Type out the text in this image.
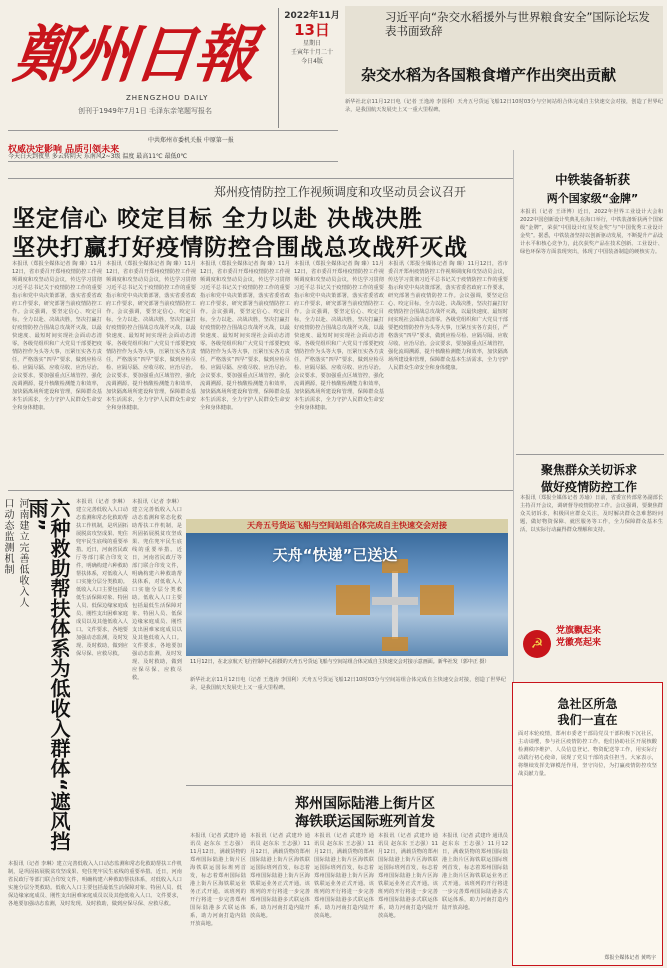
鄭州日報
ZHENGZHOU DAILY
创刊于1949年7月1日 毛泽东亲笔题写报名
2022年11月
13日
星期日
壬寅年十月二十
今日4版
习近平向“杂交水稻援外与世界粮食安全”国际论坛发表书面致辞
杂交水稻为各国粮食增产作出突出贡献
权威决定影响 品质引领未来
中共郑州市委机关报 中原第一报
今天白天到夜里 多云转阴天 东南风2~3级 温度 最高11℃ 最低0℃
新华社北京11月12日电（记者 王逸涛 李国利）天舟五号货运飞船12日10时03分与空间站组合体完成自主快速交会对接，创造了世界纪录，是我国航天发展史上又一重大里程碑。
郑州疫情防控工作视频调度和攻坚动员会议召开
坚定信心 咬定目标 全力以赴 决战决胜
坚决打赢打好疫情防控合围战总攻战歼灭战
本报讯（郑报全媒体记者 陶 臻）11月12日，省市委召开郑州疫情防控工作视频调度和攻坚动员会议，传达学习贯彻习近平总书记关于疫情防控工作的重要指示和党中央决策部署，落实省委省政府工作要求，研究部署当前疫情防控工作。会议强调，要坚定信心、咬定目标，全力以赴、决战决胜，坚决打赢打好疫情防控合围战总攻战歼灭战，以最快速度、最短时间实现社会面动态清零。各级党组织和广大党员干部要把疫情防控作为头等大事，压紧压实各方责任，严格落实“四早”要求，做到应检尽检、应隔尽隔、应收尽收、应治尽治。会议要求，要加强重点区域管控，强化流调溯源，提升核酸检测能力和效率，加快隔离场所建设和管理，保障群众基本生活需求，全力守护人民群众生命安全和身体健康。
本报讯（郑报全媒体记者 陶 臻）11月12日，省市委召开郑州疫情防控工作视频调度和攻坚动员会议，传达学习贯彻习近平总书记关于疫情防控工作的重要指示和党中央决策部署，落实省委省政府工作要求，研究部署当前疫情防控工作。会议强调，要坚定信心、咬定目标，全力以赴、决战决胜，坚决打赢打好疫情防控合围战总攻战歼灭战，以最快速度、最短时间实现社会面动态清零。各级党组织和广大党员干部要把疫情防控作为头等大事，压紧压实各方责任，严格落实“四早”要求，做到应检尽检、应隔尽隔、应收尽收、应治尽治。会议要求，要加强重点区域管控，强化流调溯源，提升核酸检测能力和效率，加快隔离场所建设和管理，保障群众基本生活需求，全力守护人民群众生命安全和身体健康。
本报讯（郑报全媒体记者 陶 臻）11月12日，省市委召开郑州疫情防控工作视频调度和攻坚动员会议，传达学习贯彻习近平总书记关于疫情防控工作的重要指示和党中央决策部署，落实省委省政府工作要求，研究部署当前疫情防控工作。会议强调，要坚定信心、咬定目标，全力以赴、决战决胜，坚决打赢打好疫情防控合围战总攻战歼灭战，以最快速度、最短时间实现社会面动态清零。各级党组织和广大党员干部要把疫情防控作为头等大事，压紧压实各方责任，严格落实“四早”要求，做到应检尽检、应隔尽隔、应收尽收、应治尽治。会议要求，要加强重点区域管控，强化流调溯源，提升核酸检测能力和效率，加快隔离场所建设和管理，保障群众基本生活需求，全力守护人民群众生命安全和身体健康。
本报讯（郑报全媒体记者 陶 臻）11月12日，省市委召开郑州疫情防控工作视频调度和攻坚动员会议，传达学习贯彻习近平总书记关于疫情防控工作的重要指示和党中央决策部署，落实省委省政府工作要求，研究部署当前疫情防控工作。会议强调，要坚定信心、咬定目标，全力以赴、决战决胜，坚决打赢打好疫情防控合围战总攻战歼灭战，以最快速度、最短时间实现社会面动态清零。各级党组织和广大党员干部要把疫情防控作为头等大事，压紧压实各方责任，严格落实“四早”要求，做到应检尽检、应隔尽隔、应收尽收、应治尽治。会议要求，要加强重点区域管控，强化流调溯源，提升核酸检测能力和效率，加快隔离场所建设和管理，保障群众基本生活需求，全力守护人民群众生命安全和身体健康。
本报讯（郑报全媒体记者 陶 臻）11月12日，省市委召开郑州疫情防控工作视频调度和攻坚动员会议，传达学习贯彻习近平总书记关于疫情防控工作的重要指示和党中央决策部署，落实省委省政府工作要求，研究部署当前疫情防控工作。会议强调，要坚定信心、咬定目标，全力以赴、决战决胜，坚决打赢打好疫情防控合围战总攻战歼灭战，以最快速度、最短时间实现社会面动态清零。各级党组织和广大党员干部要把疫情防控作为头等大事，压紧压实各方责任，严格落实“四早”要求，做到应检尽检、应隔尽隔、应收尽收、应治尽治。会议要求，要加强重点区域管控，强化流调溯源，提升核酸检测能力和效率，加快隔离场所建设和管理，保障群众基本生活需求，全力守护人民群众生命安全和身体健康。
中铁装备斩获
两个国家级“金牌”
本报讯（记者 王译博）近日，2022年世界工业设计大会和2022中国创新设计奖典礼在海口举行，中铁装备斩获两个国家级“金牌”，荣获“中国设计红星奖金奖”与“中国优秀工业设计金奖”。据悉，中铁装备坚持以创新驱动发展，不断提升产品设计水平和核心竞争力，此次获奖产品在技术创新、工业设计、绿色环保等方面表现突出，体现了中国装备制造的硬核实力。
聚焦群众关切诉求
做好疫情防控工作
本报讯（郑报全媒体记者 苏瑜）日前，省委宣传部常务副部长主持召开会议，调研督导疫情防控工作。会议强调，要聚焦群众关切诉求，积极回应群众关注，及时解决群众急难愁盼问题，做好物资保障、就医服务等工作，全力保障群众基本生活，以实际行动赢得群众理解和支持。
河南建立完善低收入人口动态监测机制	六种救助帮扶体系为低收入群体“遮风挡雨”	本报讯（记者 李琳）建立完善低收入人口动态监测和常态化救助帮扶工作机制，是巩固拓展脱贫攻坚成果、兜住兜牢民生底线的重要举措。近日，河南省民政厅等部门联合印发文件，明确构建六种救助帮扶体系，对低收入人口实施分层分类救助。低收入人口主要包括最低生活保障对象、特困人员、低保边缘家庭成员、刚性支出困难家庭成员以及其他低收入人口。文件要求，各地要加强动态监测，及时发现、及时救助，做到应保尽保、应救尽救。
本报讯（记者 李琳）建立完善低收入人口动态监测和常态化救助帮扶工作机制，是巩固拓展脱贫攻坚成果、兜住兜牢民生底线的重要举措。近日，河南省民政厅等部门联合印发文件，明确构建六种救助帮扶体系，对低收入人口实施分层分类救助。低收入人口主要包括最低生活保障对象、特困人员、低保边缘家庭成员、刚性支出困难家庭成员以及其他低收入人口。文件要求，各地要加强动态监测，及时发现、及时救助，做到应保尽保、应救尽救。
本报讯（记者 李琳）建立完善低收入人口动态监测和常态化救助帮扶工作机制，是巩固拓展脱贫攻坚成果、兜住兜牢民生底线的重要举措。近日，河南省民政厅等部门联合印发文件，明确构建六种救助帮扶体系，对低收入人口实施分层分类救助。低收入人口主要包括最低生活保障对象、特困人员、低保边缘家庭成员、刚性支出困难家庭成员以及其他低收入人口。文件要求，各地要加强动态监测，及时发现、及时救助，做到应保尽保、应救尽救。
天舟五号货运飞船与空间站组合体完成自主快速交会对接
天舟“快递”已送达
11月12日，在北京航天飞行控制中心拍摄的天舟五号货运飞船与空间站组合体完成自主快速交会对接示意画面。新华社发（郭中正 摄）
新华社北京11月12日电（记者 王逸涛 李国利）天舟五号货运飞船12日10时03分与空间站组合体完成自主快速交会对接，创造了世界纪录，是我国航天发展史上又一重大里程碑。
郑州国际陆港上街片区
海铁联运国际班列首发
本报讯（记者 武建玲 通讯员 赵东东 王志强）11月12日，满载货物的郑州国际陆港上街片区海铁联运国际班列首发，标志着郑州国际陆港上街片区海铁联运业务正式开通。该班列的开行将进一步完善郑州国际陆港多式联运体系，助力河南打造内陆开放高地。
本报讯（记者 武建玲 通讯员 赵东东 王志强）11月12日，满载货物的郑州国际陆港上街片区海铁联运国际班列首发，标志着郑州国际陆港上街片区海铁联运业务正式开通。该班列的开行将进一步完善郑州国际陆港多式联运体系，助力河南打造内陆开放高地。
本报讯（记者 武建玲 通讯员 赵东东 王志强）11月12日，满载货物的郑州国际陆港上街片区海铁联运国际班列首发，标志着郑州国际陆港上街片区海铁联运业务正式开通。该班列的开行将进一步完善郑州国际陆港多式联运体系，助力河南打造内陆开放高地。
本报讯（记者 武建玲 通讯员 赵东东 王志强）11月12日，满载货物的郑州国际陆港上街片区海铁联运国际班列首发，标志着郑州国际陆港上街片区海铁联运业务正式开通。该班列的开行将进一步完善郑州国际陆港多式联运体系，助力河南打造内陆开放高地。
本报讯（记者 武建玲 通讯员 赵东东 王志强）11月12日，满载货物的郑州国际陆港上街片区海铁联运国际班列首发，标志着郑州国际陆港上街片区海铁联运业务正式开通。该班列的开行将进一步完善郑州国际陆港多式联运体系，助力河南打造内陆开放高地。
☭
党旗飘起来
党徽亮起来
急社区所急
我们一直在
面对本轮疫情，郑州市委老干部局党员干部积极下沉社区，主动请缨，参与社区疫情防控工作。他们协助社区开展核酸检测秩序维护、人员信息登记、物资配送等工作，用实际行动践行初心使命，展现了党员干部的责任担当。大家表示，将继续发挥先锋模范作用，坚守岗位，为打赢疫情防控攻坚战贡献力量。
郑报全媒体记者 黄鸣宇
